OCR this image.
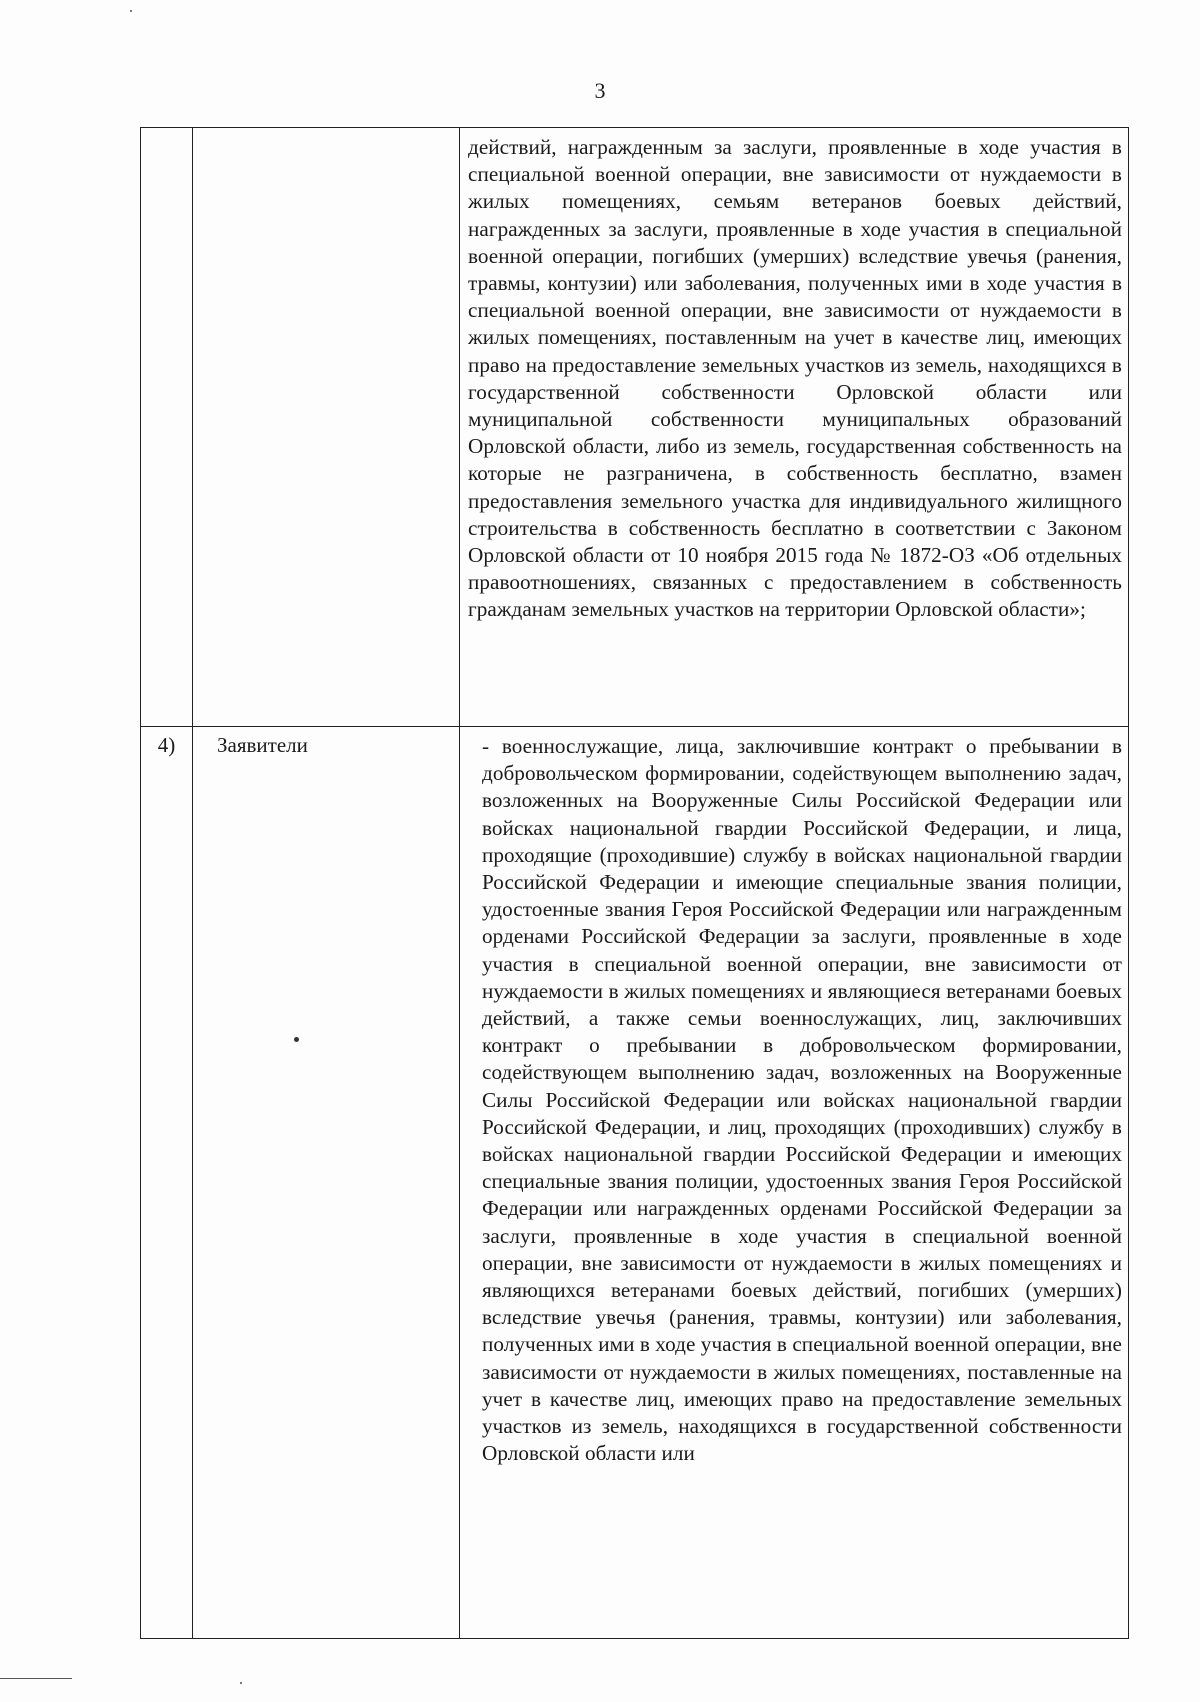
3

		действий, награжденным за заслуги, проявленные в ходе участия в специальной военной операции, вне зависимости от нуждаемости в жилых помещениях, семьям ветеранов боевых действий, награжденных за заслуги, проявленные в ходе участия в специальной военной операции, погибших (умерших) вследствие увечья (ранения, травмы, контузии) или заболевания, полученных ими в ходе участия в специальной военной операции, вне зависимости от нуждаемости в жилых помещениях, поставленным на учет в качестве лиц, имеющих право на предоставление земельных участков из земель, находящихся в государственной собственности Орловской области или муниципальной собственности муниципальных образований Орловской области, либо из земель, государственная собственность на которые не разграничена, в собственность бесплатно, взамен предоставления земельного участка для индивидуального жилищного строительства в собственность бесплатно в соответствии с Законом Орловской области от 10 ноября 2015 года № 1872-ОЗ «Об отдельных правоотношениях, связанных с предоставлением в собственность гражданам земельных участков на территории Орловской области»;

4)	Заявители	- военнослужащие, лица, заключившие контракт о пребывании в добровольческом формировании, содействующем выполнению задач, возложенных на Вооруженные Силы Российской Федерации или войсках национальной гвардии Российской Федерации, и лица, проходящие (проходившие) службу в войсках национальной гвардии Российской Федерации и имеющие специальные звания полиции, удостоенные звания Героя Российской Федерации или награжденным орденами Российской Федерации за заслуги, проявленные в ходе участия в специальной военной операции, вне зависимости от нуждаемости в жилых помещениях и являющиеся ветеранами боевых действий, а также семьи военнослужащих, лиц, заключивших контракт о пребывании в добровольческом формировании, содействующем выполнению задач, возложенных на Вооруженные Силы Российской Федерации или войсках национальной гвардии Российской Федерации, и лиц, проходящих (проходивших) службу в войсках национальной гвардии Российской Федерации и имеющих специальные звания полиции, удостоенных звания Героя Российской Федерации или награжденных орденами Российской Федерации за заслуги, проявленные в ходе участия в специальной военной операции, вне зависимости от нуждаемости в жилых помещениях и являющихся ветеранами боевых действий, погибших (умерших) вследствие увечья (ранения, травмы, контузии) или заболевания, полученных ими в ходе участия в специальной военной операции, вне зависимости от нуждаемости в жилых помещениях, поставленные на учет в качестве лиц, имеющих право на предоставление земельных участков из земель, находящихся в государственной собственности Орловской области или
